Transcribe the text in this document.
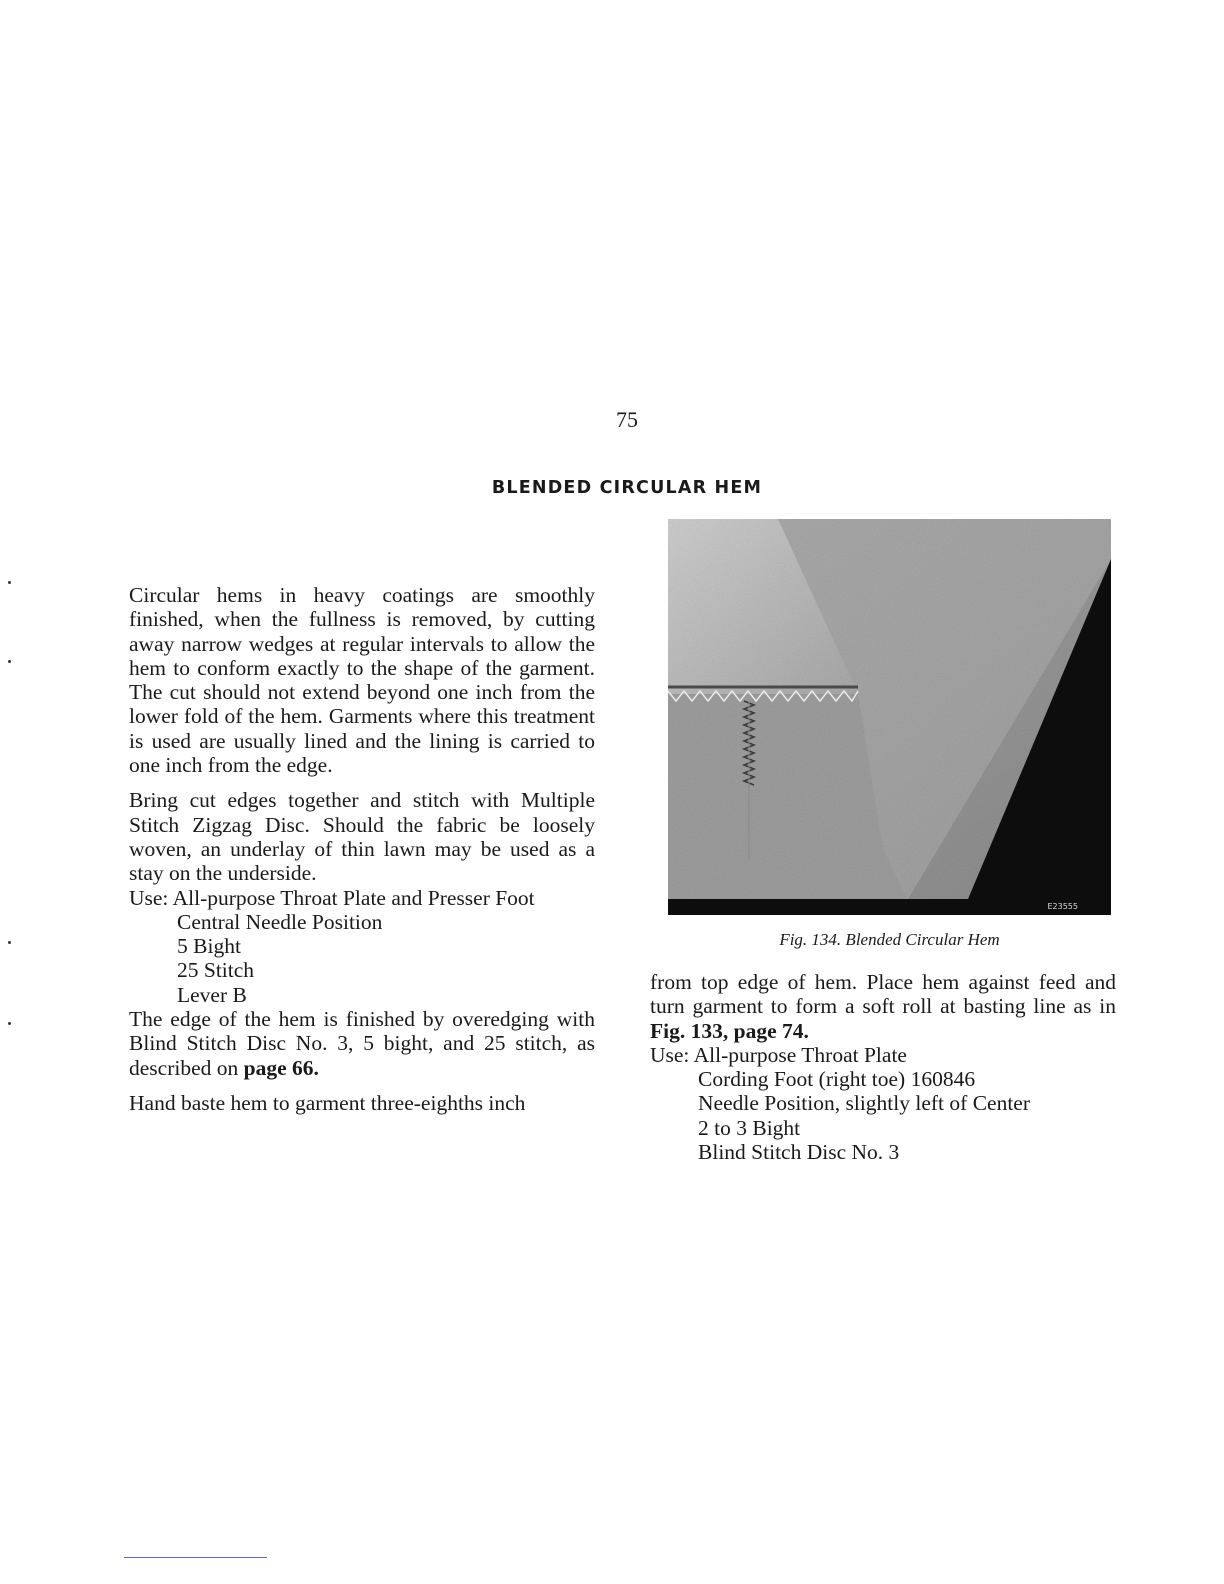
75
BLENDED CIRCULAR HEM

Circular hems in heavy coatings are smoothly finished, when the fullness is removed, by cutting away narrow wedges at regular intervals to allow the hem to conform exactly to the shape of the garment. The cut should not extend beyond one inch from the lower fold of the hem. Garments where this treatment is used are usually lined and the lining is carried to one inch from the edge.

Bring cut edges together and stitch with Multiple Stitch Zigzag Disc. Should the fabric be loosely woven, an underlay of thin lawn may be used as a stay on the underside.

Use: All-purpose Throat Plate and Presser Foot
Central Needle Position
5 Bight
25 Stitch
Lever B

The edge of the hem is finished by overedging with Blind Stitch Disc No. 3, 5 bight, and 25 stitch, as described on page 66.

Hand baste hem to garment three-eighths inch

E23555
Fig. 134. Blended Circular Hem

from top edge of hem. Place hem against feed and turn garment to form a soft roll at basting line as in Fig. 133, page 74.

Use: All-purpose Throat Plate
Cording Foot (right toe) 160846
Needle Position, slightly left of Center
2 to 3 Bight
Blind Stitch Disc No. 3
